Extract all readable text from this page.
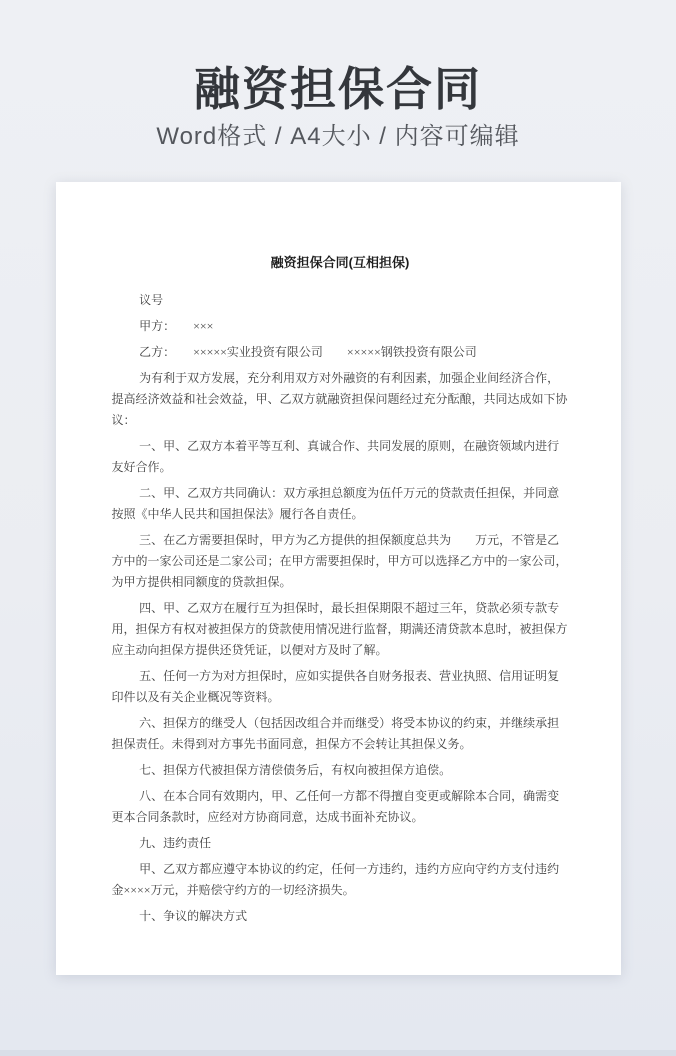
融资担保合同

Word格式 / A4大小 / 内容可编辑

融资担保合同(互相担保)

议号

甲方：　　×××

乙方：　　×××××实业投资有限公司　　×××××钢铁投资有限公司

为有利于双方发展，充分利用双方对外融资的有利因素，加强企业间经济合作，提高经济效益和社会效益，甲、乙双方就融资担保问题经过充分酝酿，共同达成如下协议：

一、甲、乙双方本着平等互利、真诚合作、共同发展的原则，在融资领域内进行友好合作。

二、甲、乙双方共同确认：双方承担总额度为伍仟万元的贷款责任担保，并同意按照《中华人民共和国担保法》履行各自责任。

三、在乙方需要担保时，甲方为乙方提供的担保额度总共为　　万元，不管是乙方中的一家公司还是二家公司；在甲方需要担保时，甲方可以选择乙方中的一家公司，为甲方提供相同额度的贷款担保。

四、甲、乙双方在履行互为担保时，最长担保期限不超过三年，贷款必须专款专用，担保方有权对被担保方的贷款使用情况进行监督，期满还清贷款本息时，被担保方应主动向担保方提供还贷凭证，以便对方及时了解。

五、任何一方为对方担保时，应如实提供各自财务报表、营业执照、信用证明复印件以及有关企业概况等资料。

六、担保方的继受人（包括因改组合并而继受）将受本协议的约束，并继续承担担保责任。未得到对方事先书面同意，担保方不会转让其担保义务。

七、担保方代被担保方清偿债务后，有权向被担保方追偿。

八、在本合同有效期内，甲、乙任何一方都不得擅自变更或解除本合同，确需变更本合同条款时，应经对方协商同意，达成书面补充协议。

九、违约责任

甲、乙双方都应遵守本协议的约定，任何一方违约，违约方应向守约方支付违约金××××万元，并赔偿守约方的一切经济损失。

十、争议的解决方式
